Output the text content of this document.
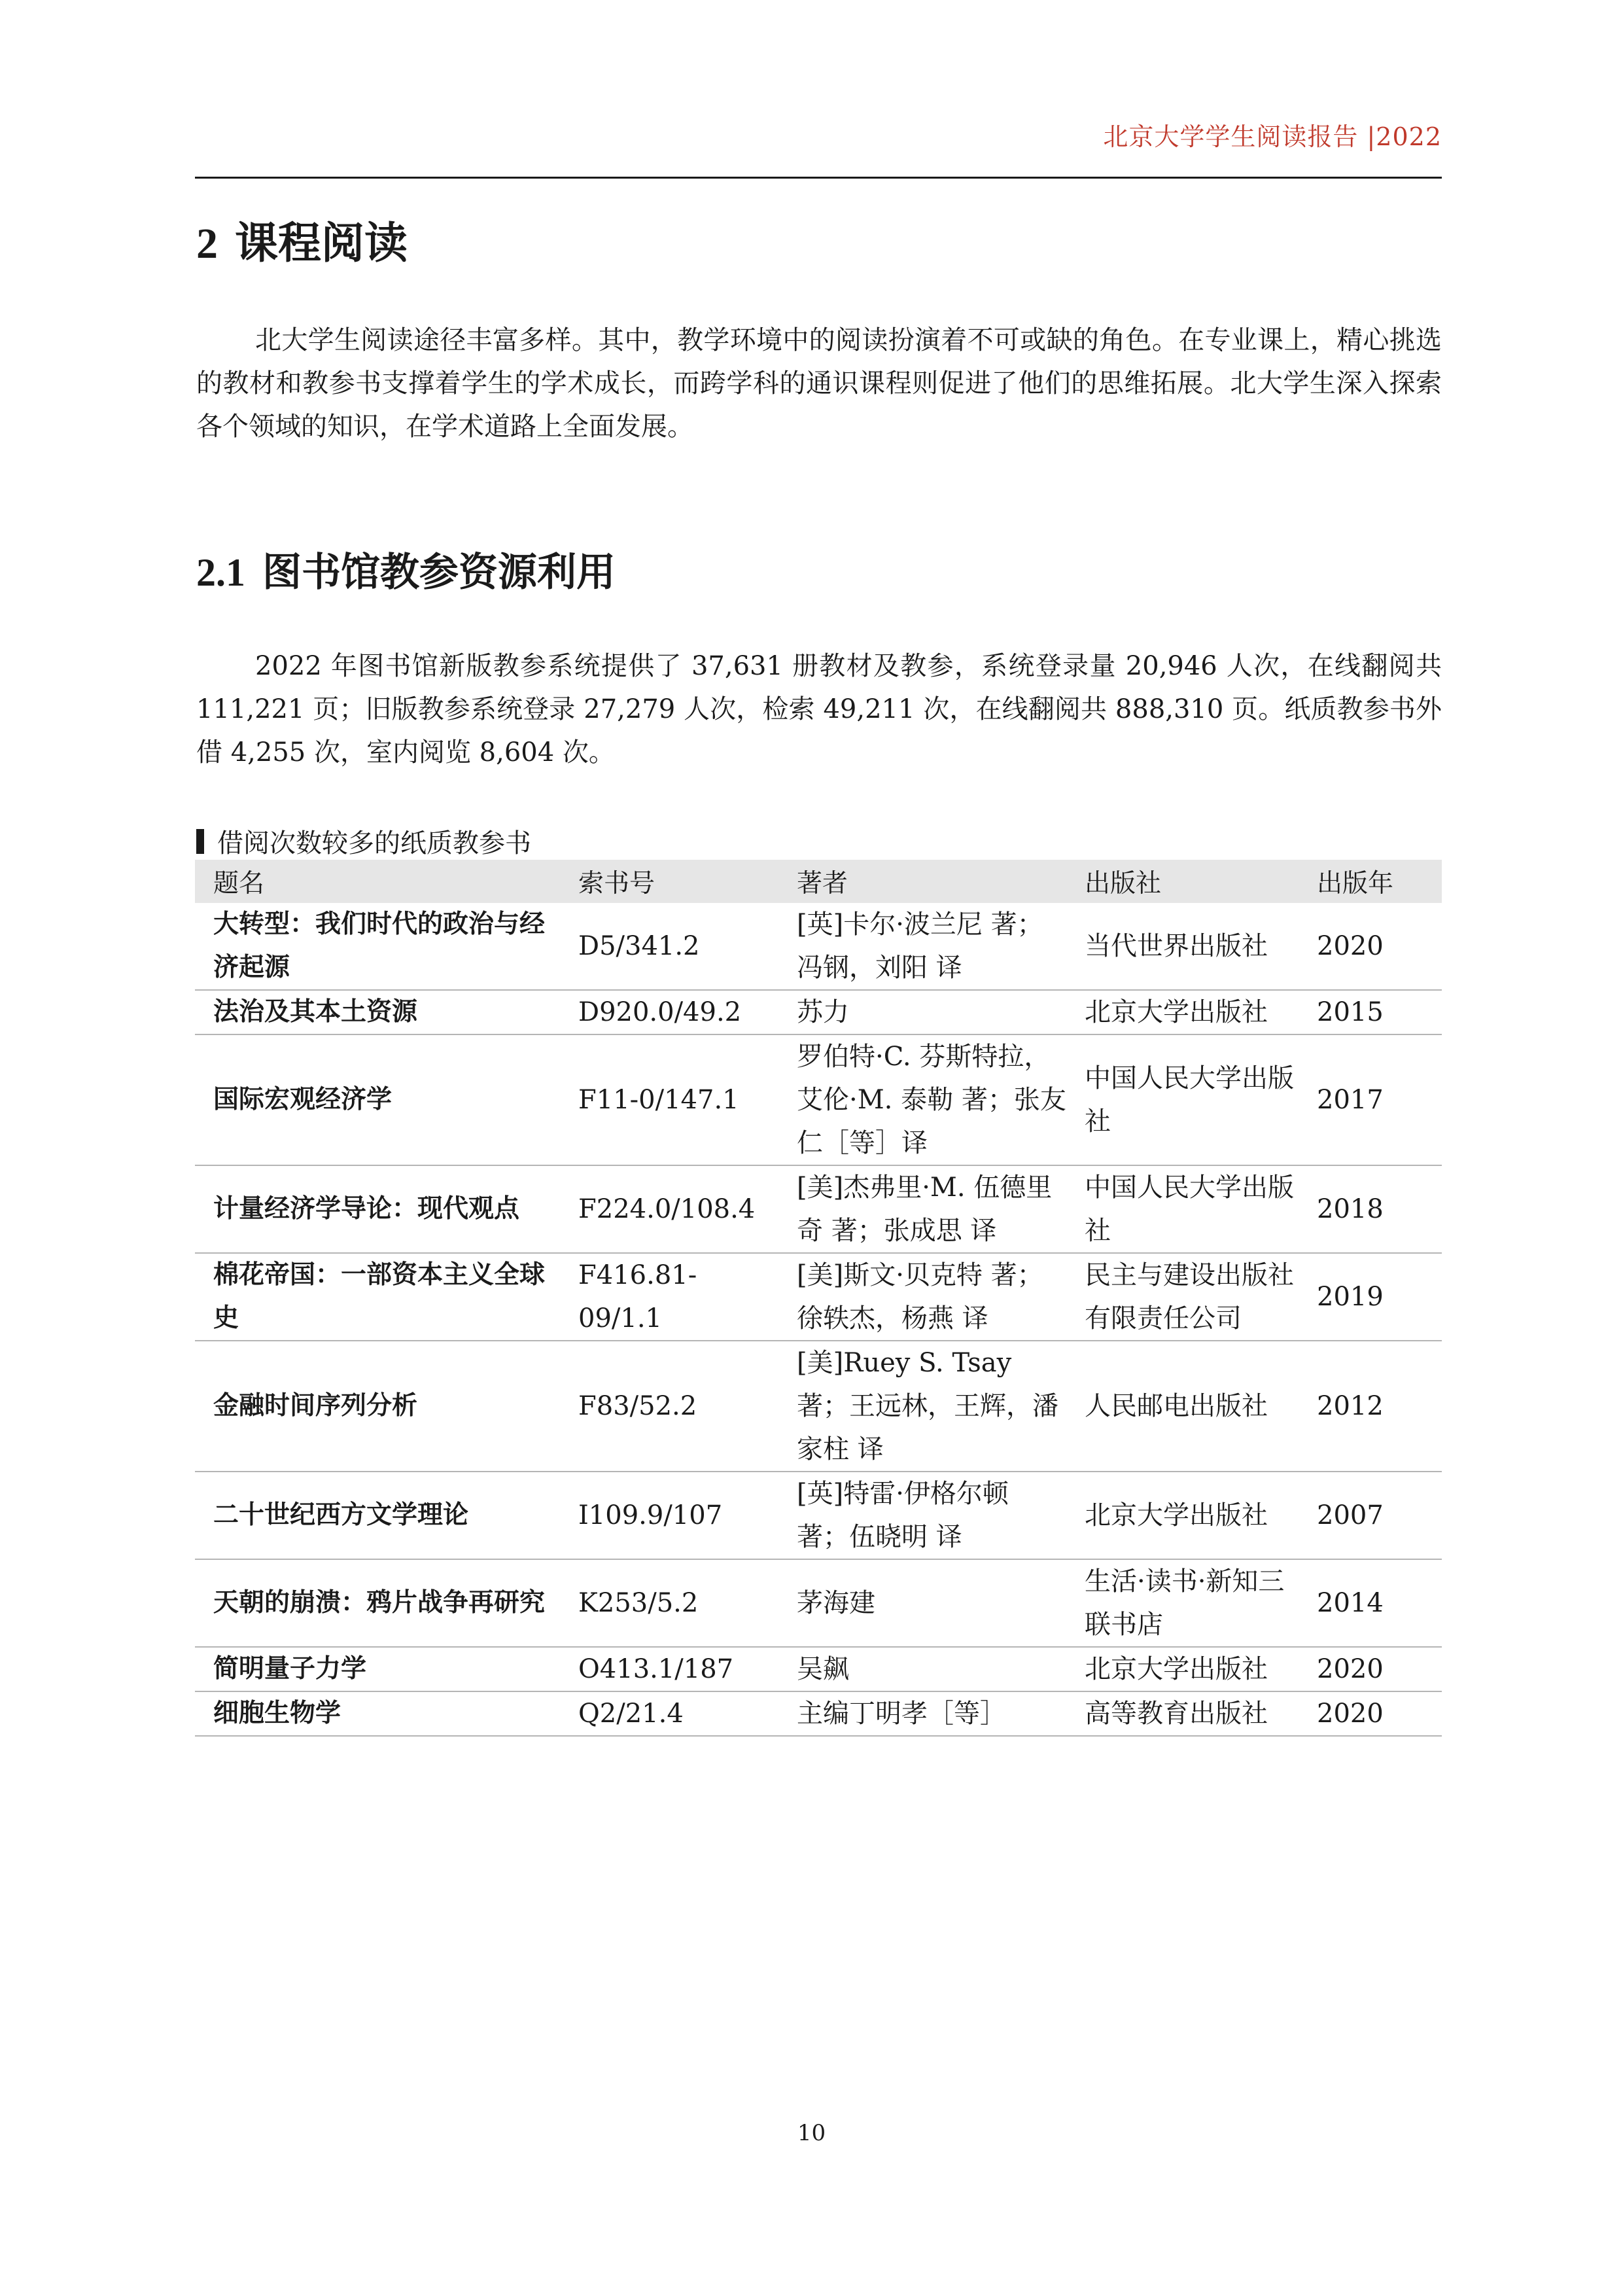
北京大学学生阅读报告 |2022
2 课程阅读

北大学生阅读途径丰富多样。其中，教学环境中的阅读扮演着不可或缺的角色。在专业课上，精心挑选的教材和教参书支撑着学生的学术成长，而跨学科的通识课程则促进了他们的思维拓展。北大学生深入探索各个领域的知识，在学术道路上全面发展。

2.1 图书馆教参资源利用

2022 年图书馆新版教参系统提供了 37,631 册教材及教参，系统登录量 20,946 人次，在线翻阅共 111,221 页；旧版教参系统登录 27,279 人次，检索 49,211 次，在线翻阅共 888,310 页。纸质教参书外借 4,255 次，室内阅览 8,604 次。

借阅次数较多的纸质教参书
题名	索书号	著者	出版社	出版年
大转型：我们时代的政治与经济起源	D5/341.2	[英]卡尔·波兰尼 著；冯钢，刘阳 译	当代世界出版社	2020
法治及其本土资源	D920.0/49.2	苏力	北京大学出版社	2015
国际宏观经济学	F11-0/147.1	罗伯特·C. 芬斯特拉，艾伦·M. 泰勒 著；张友仁［等］译	中国人民大学出版社	2017
计量经济学导论：现代观点	F224.0/108.4	[美]杰弗里·M. 伍德里奇 著；张成思 译	中国人民大学出版社	2018
棉花帝国：一部资本主义全球史	F416.81-09/1.1	[美]斯文·贝克特 著；徐轶杰，杨燕 译	民主与建设出版社有限责任公司	2019
金融时间序列分析	F83/52.2	[美]Ruey S. Tsay 著；王远林，王辉，潘家柱 译	人民邮电出版社	2012
二十世纪西方文学理论	I109.9/107	[英]特雷·伊格尔顿 著；伍晓明 译	北京大学出版社	2007
天朝的崩溃：鸦片战争再研究	K253/5.2	茅海建	生活·读书·新知三联书店	2014
简明量子力学	O413.1/187	吴飙	北京大学出版社	2020
细胞生物学	Q2/21.4	主编丁明孝［等］	高等教育出版社	2020
10
